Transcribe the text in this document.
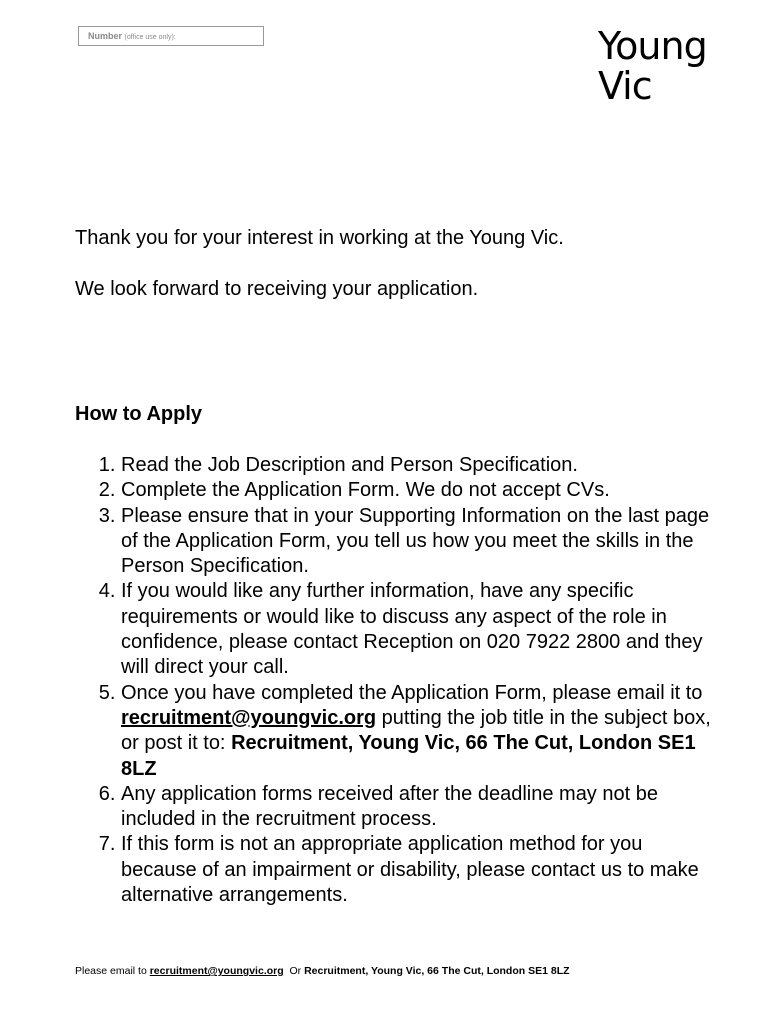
Number (office use only):	Young
Vic

Thank you for your interest in working at the Young Vic.

We look forward to receiving your application.

How to Apply
1. Read the Job Description and Person Specification.
2. Complete the Application Form. We do not accept CVs.
3. Please ensure that in your Supporting Information on the last page of the Application Form, you tell us how you meet the skills in the Person Specification.
4. If you would like any further information, have any specific requirements or would like to discuss any aspect of the role in confidence, please contact Reception on 020 7922 2800 and they will direct your call.
5. Once you have completed the Application Form, please email it to recruitment@youngvic.org putting the job title in the subject box, or post it to: Recruitment, Young Vic, 66 The Cut, London SE1 8LZ
6. Any application forms received after the deadline may not be included in the recruitment process.
7. If this form is not an appropriate application method for you because of an impairment or disability, please contact us to make alternative arrangements.
Please email to recruitment@youngvic.org  Or Recruitment, Young Vic, 66 The Cut, London SE1 8LZ
